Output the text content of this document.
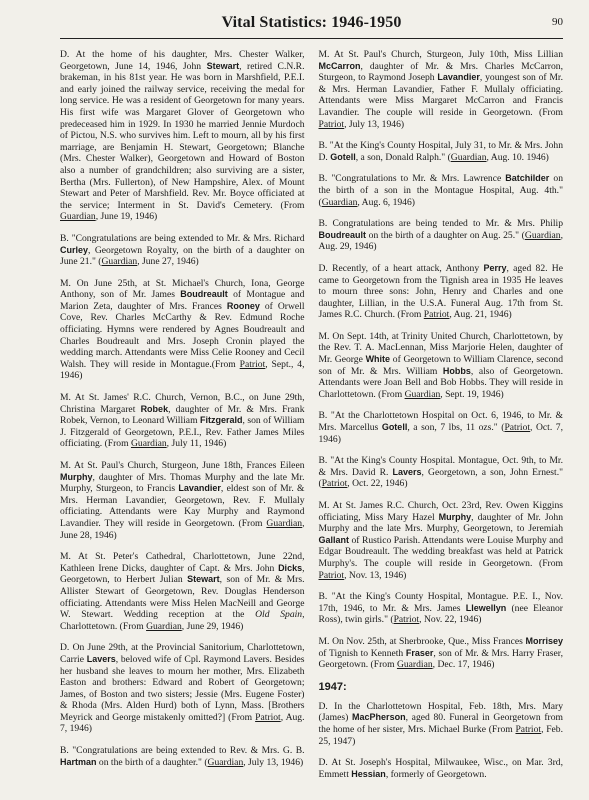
Vital Statistics: 1946-1950	90

D. At the home of his daughter, Mrs. Chester Walker, Georgetown, June 14, 1946, John Stewart, retired C.N.R. brakeman, in his 81st year. He was born in Marshfield, P.E.I. and early joined the railway service, receiving the medal for long service. He was a resident of Georgetown for many years. His first wife was Margaret Glover of Georgetown who predeceased him in 1929. In 1930 he married Jennie Murdoch of Pictou, N.S. who survives him. Left to mourn, all by his first marriage, are Benjamin H. Stewart, Georgetown; Blanche (Mrs. Chester Walker), Georgetown and Howard of Boston also a number of grandchildren; also surviving are a sister, Bertha (Mrs. Fullerton), of New Hampshire, Alex. of Mount Stewart and Peter of Marshfield. Rev. Mr. Boyce officiated at the service; Interment in St. David's Cemetery. (From Guardian, June 19, 1946)

B. "Congratulations are being extended to Mr. & Mrs. Richard Curley, Georgetown Royalty, on the birth of a daughter on June 21." (Guardian, June 27, 1946)

M. On June 25th, at St. Michael's Church, Iona, George Anthony, son of Mr. James Boudreault of Montague and Marion Zeta, daughter of Mrs. Frances Rooney of Orwell Cove, Rev. Charles McCarthy & Rev. Edmund Roche officiating. Hymns were rendered by Agnes Boudreault and Charles Boudreault and Mrs. Joseph Cronin played the wedding march. Attendants were Miss Celie Rooney and Cecil Walsh. They will reside in Montague.(From Patriot, Sept., 4, 1946)

M. At St. James' R.C. Church, Vernon, B.C., on June 29th, Christina Margaret Robek, daughter of Mr. & Mrs. Frank Robek, Vernon, to Leonard William Fitzgerald, son of William J. Fitzgerald of Georgetown, P.E.I., Rev. Father James Miles officiating. (From Guardian, July 11, 1946)

M. At St. Paul's Church, Sturgeon, June 18th, Frances Eileen Murphy, daughter of Mrs. Thomas Murphy and the late Mr. Murphy, Sturgeon, to Francis Lavandier, eldest son of Mr. & Mrs. Herman Lavandier, Georgetown, Rev. F. Mullaly officiating. Attendants were Kay Murphy and Raymond Lavandier. They will reside in Georgetown. (From Guardian, June 28, 1946)

M. At St. Peter's Cathedral, Charlottetown, June 22nd, Kathleen Irene Dicks, daughter of Capt. & Mrs. John Dicks, Georgetown, to Herbert Julian Stewart, son of Mr. & Mrs. Allister Stewart of Georgetown, Rev. Douglas Henderson officiating. Attendants were Miss Helen MacNeill and George W. Stewart. Wedding reception at the Old Spain, Charlottetown. (From Guardian, June 29, 1946)

D. On June 29th, at the Provincial Sanitorium, Charlottetown, Carrie Lavers, beloved wife of Cpl. Raymond Lavers. Besides her husband she leaves to mourn her mother, Mrs. Elizabeth Easton and brothers: Edward and Robert of Georgetown; James, of Boston and two sisters; Jessie (Mrs. Eugene Foster) & Rhoda (Mrs. Alden Hurd) both of Lynn, Mass. [Brothers Meyrick and George mistakenly omitted?] (From Patriot, Aug. 7, 1946)

B. "Congratulations are being extended to Rev. & Mrs. G. B. Hartman on the birth of a daughter." (Guardian, July 13, 1946)

M. At St. Paul's Church, Sturgeon, July 10th, Miss Lillian McCarron, daughter of Mr. & Mrs. Charles McCarron, Sturgeon, to Raymond Joseph Lavandier, youngest son of Mr. & Mrs. Herman Lavandier, Father F. Mullaly officiating. Attendants were Miss Margaret McCarron and Francis Lavandier. The couple will reside in Georgetown. (From Patriot, July 13, 1946)

B. "At the King's County Hospital, July 31, to Mr. & Mrs. John D. Gotell, a son, Donald Ralph." (Guardian, Aug. 10. 1946)

B. "Congratulations to Mr. & Mrs. Lawrence Batchilder on the birth of a son in the Montague Hospital, Aug. 4th."(Guardian, Aug. 6, 1946)

B. Congratulations are being tended to Mr. & Mrs. Philip Boudreault on the birth of a daughter on Aug. 25." (Guardian, Aug. 29, 1946)

D. Recently, of a heart attack, Anthony Perry, aged 82. He came to Georgetown from the Tignish area in 1935 He leaves to mourn three sons: John, Henry and Charles and one daughter, Lillian, in the U.S.A. Funeral Aug. 17th from St. James R.C. Church. (From Patriot, Aug. 21, 1946)

M. On Sept. 14th, at Trinity United Church, Charlottetown, by the Rev. T. A. MacLennan, Miss Marjorie Helen, daughter of Mr. George White of Georgetown to William Clarence, second son of Mr. & Mrs. William Hobbs, also of Georgetown. Attendants were Joan Bell and Bob Hobbs. They will reside in Charlottetown. (From Guardian, Sept. 19, 1946)

B. "At the Charlottetown Hospital on Oct. 6, 1946, to Mr. & Mrs. Marcellus Gotell, a son, 7 lbs, 11 ozs." (Patriot, Oct. 7, 1946)

B. "At the King's County Hospital. Montague, Oct. 9th, to Mr. & Mrs. David R. Lavers, Georgetown, a son, John Ernest." (Patriot, Oct. 22, 1946)

M. At St. James R.C. Church, Oct. 23rd, Rev. Owen Kiggins officiating, Miss Mary Hazel Murphy, daughter of Mr. John Murphy and the late Mrs. Murphy, Georgetown, to Jeremiah Gallant of Rustico Parish. Attendants were Louise Murphy and Edgar Boudreault. The wedding breakfast was held at Patrick Murphy's. The couple will reside in Georgetown. (From Patriot, Nov. 13, 1946)

B. "At the King's County Hospital, Montague. P.E. I., Nov. 17th, 1946, to Mr. & Mrs. James Llewellyn (nee Eleanor Ross), twin girls." (Patriot, Nov. 22, 1946)

M. On Nov. 25th, at Sherbrooke, Que., Miss Frances Morrisey of Tignish to Kenneth Fraser, son of Mr. & Mrs. Harry Fraser, Georgetown. (From Guardian, Dec. 17, 1946)

1947:

D. In the Charlottetown Hospital, Feb. 18th, Mrs. Mary (James) MacPherson, aged 80. Funeral in Georgetown from the home of her sister, Mrs. Michael Burke (From Patriot, Feb. 25, 1947)

D. At St. Joseph's Hospital, Milwaukee, Wisc., on Mar. 3rd, Emmett Hessian, formerly of Georgetown.
